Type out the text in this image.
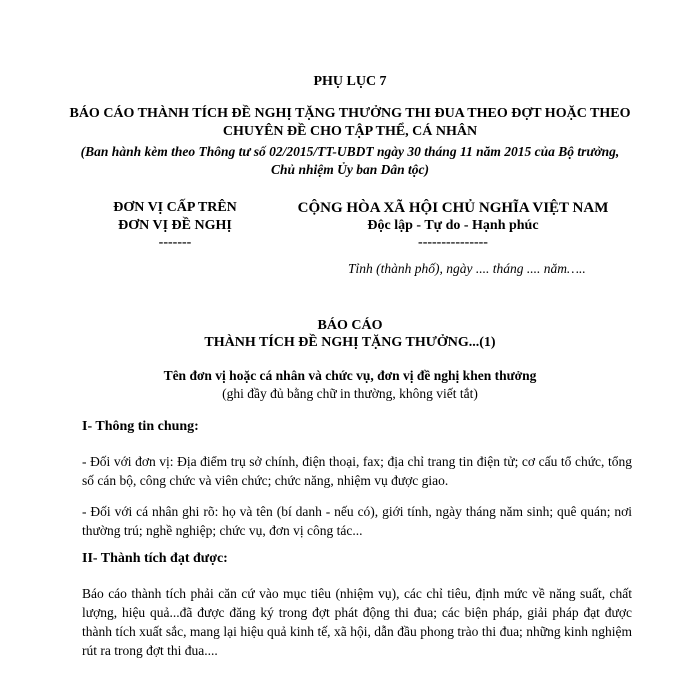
PHỤ LỤC 7
BÁO CÁO THÀNH TÍCH ĐỀ NGHỊ TẶNG THƯỞNG THI ĐUA THEO ĐỢT HOẶC THEO
CHUYÊN ĐỀ CHO TẬP THỂ, CÁ NHÂN
(Ban hành kèm theo Thông tư số 02/2015/TT-UBDT ngày 30 tháng 11 năm 2015 của Bộ trưởng,
Chủ nhiệm Ủy ban Dân tộc)
ĐƠN VỊ CẤP TRÊN
ĐƠN VỊ ĐỀ NGHỊ
-------
CỘNG HÒA XÃ HỘI CHỦ NGHĨA VIỆT NAM
Độc lập - Tự do - Hạnh phúc
---------------
Tỉnh (thành phố), ngày .... tháng .... năm…..
BÁO CÁO
THÀNH TÍCH ĐỀ NGHỊ TẶNG THƯỞNG...(1)
Tên đơn vị hoặc cá nhân và chức vụ, đơn vị đề nghị khen thưởng
(ghi đầy đủ bằng chữ in thường, không viết tắt)
I- Thông tin chung:
- Đối với đơn vị: Địa điểm trụ sở chính, điện thoại, fax; địa chỉ trang tin điện tử; cơ cấu tổ chức, tổng số cán bộ, công chức và viên chức; chức năng, nhiệm vụ được giao.
- Đối với cá nhân ghi rõ: họ và tên (bí danh - nếu có), giới tính, ngày tháng năm sinh; quê quán; nơi thường trú; nghề nghiệp; chức vụ, đơn vị công tác...
II- Thành tích đạt được:
Báo cáo thành tích phải căn cứ vào mục tiêu (nhiệm vụ), các chỉ tiêu, định mức về năng suất, chất lượng, hiệu quả...đã được đăng ký trong đợt phát động thi đua; các biện pháp, giải pháp đạt được thành tích xuất sắc, mang lại hiệu quả kinh tế, xã hội, dẫn đầu phong trào thi đua; những kinh nghiệm rút ra trong đợt thi đua....
